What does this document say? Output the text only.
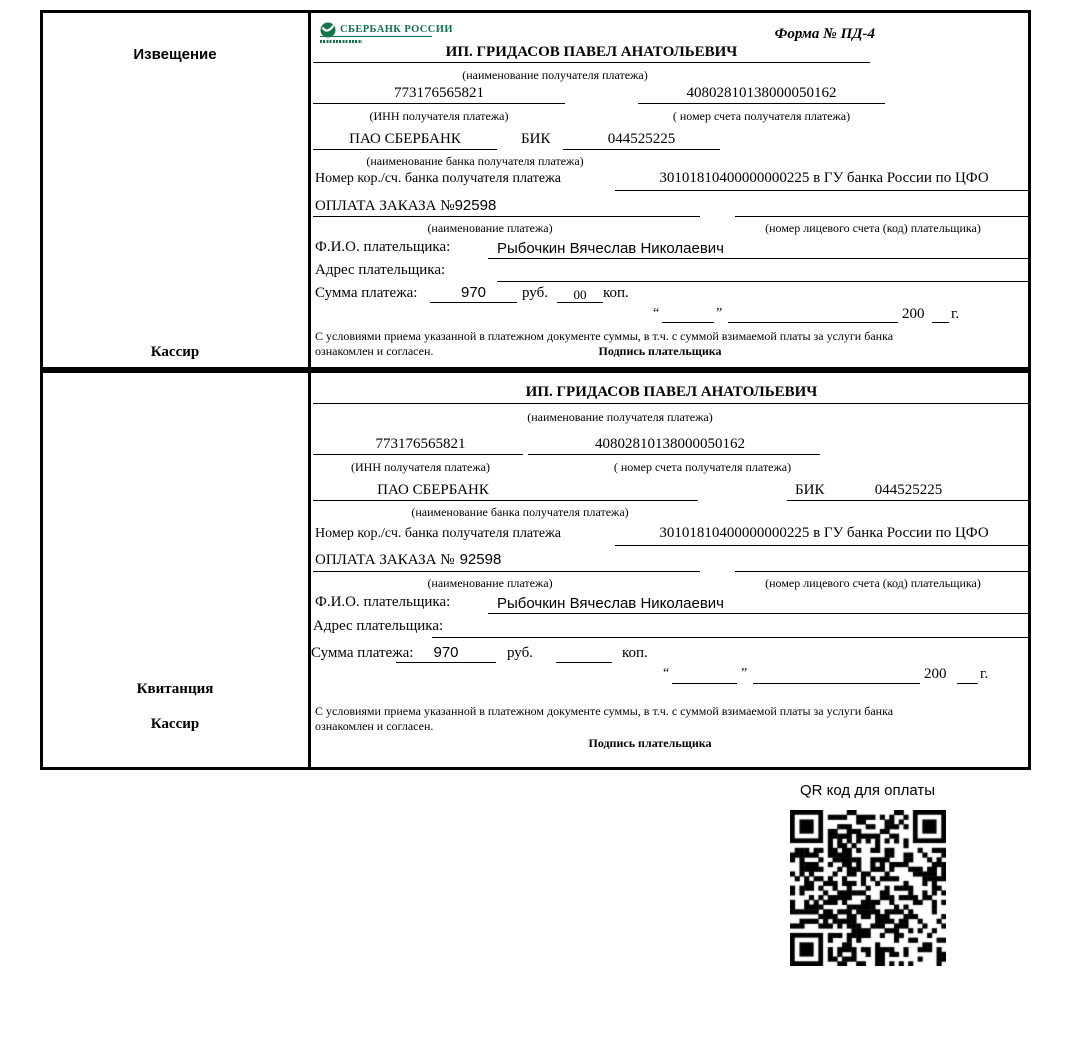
Извещение
Кассир
СБЕРБАНК РОССИИ	Форма № ПД-4
ИП. ГРИДАСОВ ПАВЕЛ АНАТОЛЬЕВИЧ
(наименование получателя платежа)
773176565821	40802810138000050162
(ИНН получателя платежа)	( номер счета получателя платежа)
ПАО СБЕРБАНК	БИК	044525225
(наименование банка получателя платежа)
Номер кор./сч. банка получателя платежа	30101810400000000225 в ГУ банка России по ЦФО
ОПЛАТА ЗАКАЗА №92598
(наименование платежа)	(номер лицевого счета (код) плательщика)
Ф.И.О. плательщика:	Рыбочкин Вячеслав Николаевич
Адрес плательщика:
Сумма платежа:	970	руб.	00	коп.
“	”	200 г.
С условиями приема указанной в платежном документе суммы, в т.ч. с суммой взимаемой платы за услуги банка
ознакомлен и согласен.	Подпись плательщика
Квитанция
Кассир
ИП. ГРИДАСОВ ПАВЕЛ АНАТОЛЬЕВИЧ
(наименование получателя платежа)
773176565821	40802810138000050162
(ИНН получателя платежа)	( номер счета получателя платежа)
ПАО СБЕРБАНК	БИК	044525225
(наименование банка получателя платежа)
Номер кор./сч. банка получателя платежа	30101810400000000225 в ГУ банка России по ЦФО
ОПЛАТА ЗАКАЗА № 92598
(наименование платежа)	(номер лицевого счета (код) плательщика)
Ф.И.О. плательщика:	Рыбочкин Вячеслав Николаевич
Адрес плательщика:
Сумма платежа:	970	руб.	коп.
“	”	200 г.
С условиями приема указанной в платежном документе суммы, в т.ч. с суммой взимаемой платы за услуги банка
ознакомлен и согласен.
Подпись плательщика
QR код для оплаты
